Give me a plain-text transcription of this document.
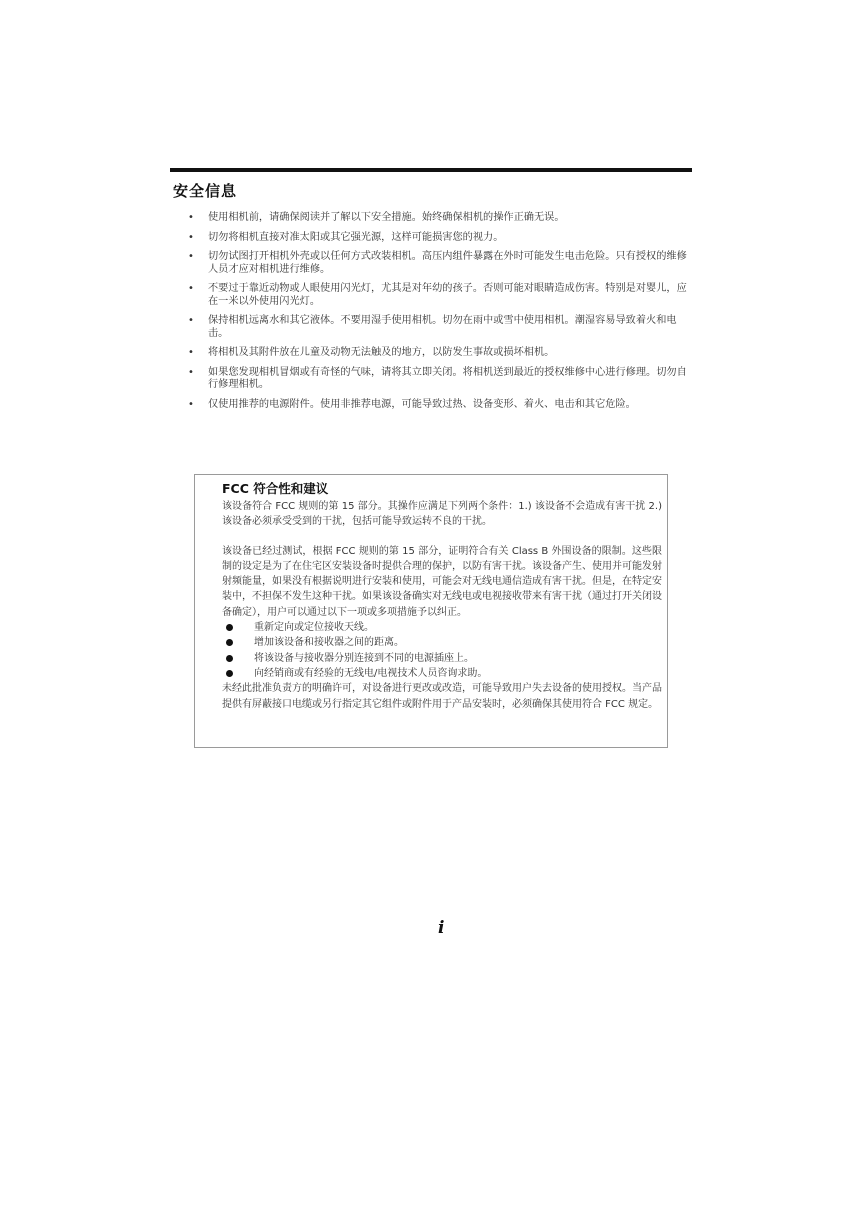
安全信息
• 使用相机前，请确保阅读并了解以下安全措施。始终确保相机的操作正确无误。
• 切勿将相机直接对准太阳或其它强光源，这样可能损害您的视力。
• 切勿试图打开相机外壳或以任何方式改装相机。高压内组件暴露在外时可能发生电击危险。只有授权的维修人员才应对相机进行维修。
• 不要过于靠近动物或人眼使用闪光灯，尤其是对年幼的孩子。否则可能对眼睛造成伤害。特别是对婴儿，应在一米以外使用闪光灯。
• 保持相机远离水和其它液体。不要用湿手使用相机。切勿在雨中或雪中使用相机。潮湿容易导致着火和电击。
• 将相机及其附件放在儿童及动物无法触及的地方，以防发生事故或损坏相机。
• 如果您发现相机冒烟或有奇怪的气味，请将其立即关闭。将相机送到最近的授权维修中心进行修理。切勿自行修理相机。
• 仅使用推荐的电源附件。使用非推荐电源，可能导致过热、设备变形、着火、电击和其它危险。
FCC 符合性和建议

该设备符合 FCC 规则的第 15 部分。其操作应满足下列两个条件：1.) 该设备不会造成有害干扰 2.) 该设备必须承受受到的干扰，包括可能导致运转不良的干扰。

该设备已经过测试，根据 FCC 规则的第 15 部分，证明符合有关 Class B 外围设备的限制。这些限制的设定是为了在住宅区安装设备时提供合理的保护，以防有害干扰。该设备产生、使用并可能发射射频能量，如果没有根据说明进行安装和使用，可能会对无线电通信造成有害干扰。但是，在特定安装中，不担保不发生这种干扰。如果该设备确实对无线电或电视接收带来有害干扰（通过打开关闭设备确定），用户可以通过以下一项或多项措施予以纠正。

重新定向或定位接收天线。
增加该设备和接收器之间的距离。
将该设备与接收器分别连接到不同的电源插座上。
向经销商或有经验的无线电/电视技术人员咨询求助。

未经此批准负责方的明确许可，对设备进行更改或改造，可能导致用户失去设备的使用授权。当产品提供有屏蔽接口电缆或另行指定其它组件或附件用于产品安装时，必须确保其使用符合 FCC 规定。

i
